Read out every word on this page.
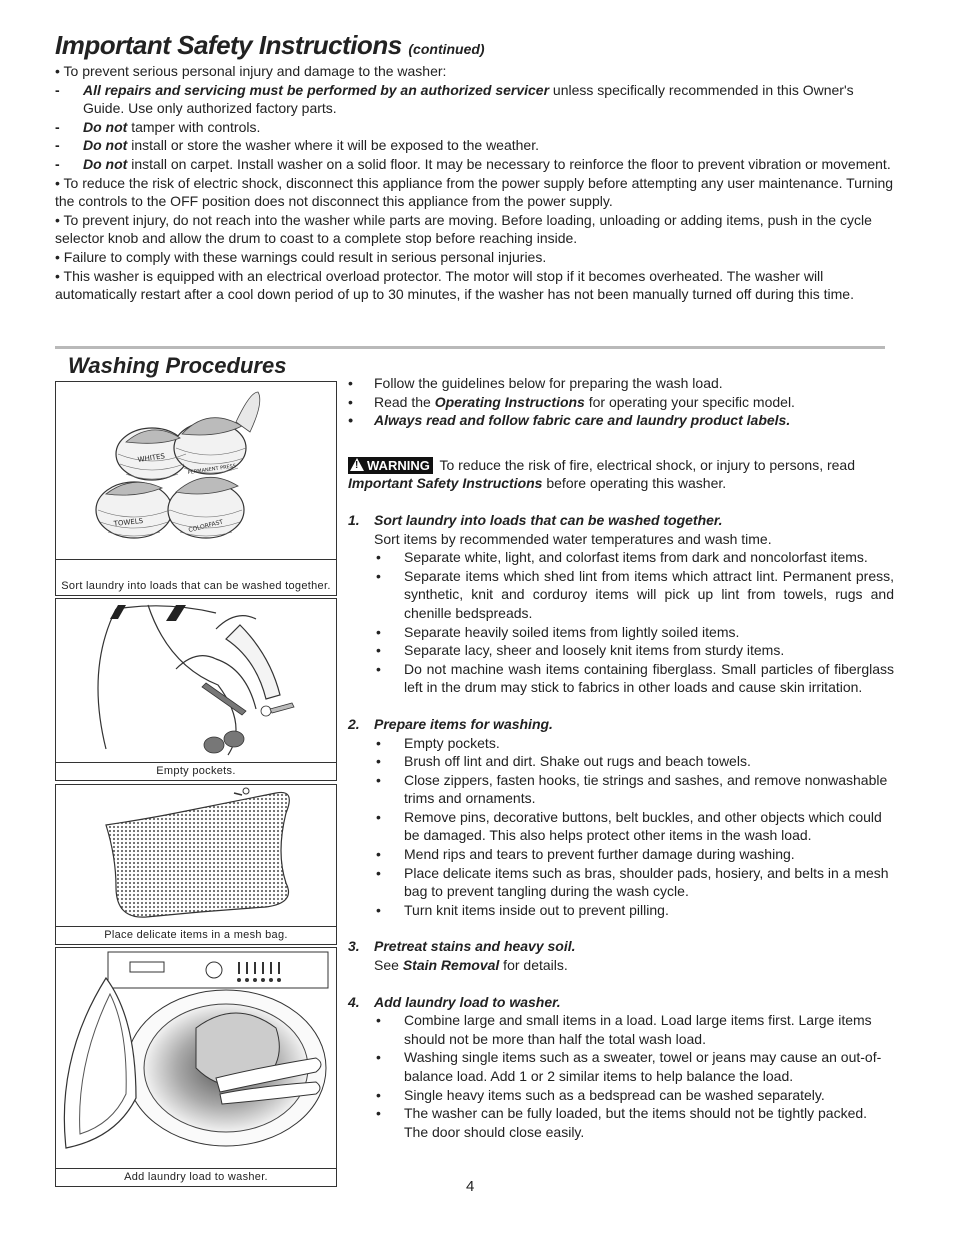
Important Safety Instructions (continued)

• To prevent serious personal injury and damage to the washer:

- All repairs and servicing must be performed by an authorized servicer unless specifically recommended in this Owner's Guide. Use only authorized factory parts.

- Do not tamper with controls.

- Do not install or store the washer where it will be exposed to the weather.

- Do not install on carpet. Install washer on a solid floor. It may be necessary to reinforce the floor to prevent vibration or movement.

• To reduce the risk of electric shock, disconnect this appliance from the power supply before attempting any user maintenance. Turning the controls to the OFF position does not disconnect this appliance from the power supply.

• To prevent injury, do not reach into the washer while parts are moving. Before loading, unloading or adding items, push in the cycle selector knob and allow the drum to coast to a complete stop before reaching inside.

• Failure to comply with these warnings could result in serious personal injuries.

• This washer is equipped with an electrical overload protector. The motor will stop if it becomes overheated. The washer will automatically restart after a cool down period of up to 30 minutes, if the washer has not been manually turned off during this time.

Washing Procedures
WHITES
PERMANENT PRESS
TOWELS	COLORFAST
Sort laundry into loads that can be washed together.
Empty pockets.
Place delicate items in a mesh bag.
Add laundry load to washer.

• Follow the guidelines below for preparing the wash load.

• Read the Operating Instructions for operating your specific model.

• Always read and follow fabric care and laundry product labels.

! WARNING To reduce the risk of fire, electrical shock, or injury to persons, read Important Safety Instructions before operating this washer.

1. Sort laundry into loads that can be washed together.

Sort items by recommended water temperatures and wash time.

• Separate white, light, and colorfast items from dark and noncolorfast items.

• Separate items which shed lint from items which attract lint. Permanent press, synthetic, knit and corduroy items will pick up lint from towels, rugs and chenille bedspreads.

• Separate heavily soiled items from lightly soiled items.

• Separate lacy, sheer and loosely knit items from sturdy items.

• Do not machine wash items containing fiberglass. Small particles of fiberglass left in the drum may stick to fabrics in other loads and cause skin irritation.

2. Prepare items for washing.

• Empty pockets.

• Brush off lint and dirt. Shake out rugs and beach towels.

• Close zippers, fasten hooks, tie strings and sashes, and remove nonwashable trims and ornaments.

• Remove pins, decorative buttons, belt buckles, and other objects which could be damaged. This also helps protect other items in the wash load.

• Mend rips and tears to prevent further damage during washing.

• Place delicate items such as bras, shoulder pads, hosiery, and belts in a mesh bag to prevent tangling during the wash cycle.

• Turn knit items inside out to prevent pilling.

3. Pretreat stains and heavy soil.

See Stain Removal for details.

4. Add laundry load to washer.

• Combine large and small items in a load. Load large items first. Large items should not be more than half the total wash load.

• Washing single items such as a sweater, towel or jeans may cause an out-of-balance load. Add 1 or 2 similar items to help balance the load.

• Single heavy items such as a bedspread can be washed separately.

• The washer can be fully loaded, but the items should not be tightly packed. The door should close easily.

4
